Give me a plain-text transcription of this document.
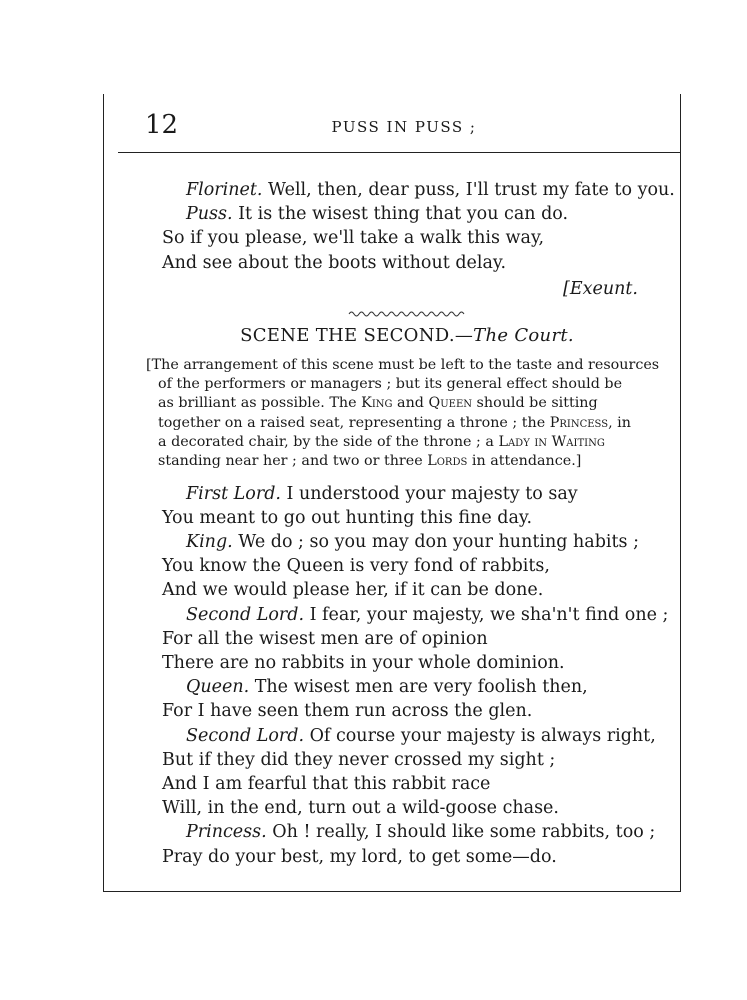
12	PUSS IN PUSS ;
Florinet. Well, then, dear puss, I'll trust my fate to you.
Puss. It is the wisest thing that you can do.
So if you please, we'll take a walk this way,
And see about the boots without delay.
[Exeunt.
SCENE THE SECOND.—The Court.

[The arrangement of this scene must be left to the taste and resources
of the performers or managers ; but its general effect should be
as brilliant as possible. The King and Queen should be sitting
together on a raised seat, representing a throne ; the Princess, in
a decorated chair, by the side of the throne ; a Lady in Waiting
standing near her ; and two or three Lords in attendance.]

First Lord. I understood your majesty to say
You meant to go out hunting this fine day.
King. We do ; so you may don your hunting habits ;
You know the Queen is very fond of rabbits,
And we would please her, if it can be done.
Second Lord. I fear, your majesty, we sha'n't find one ;
For all the wisest men are of opinion
There are no rabbits in your whole dominion.
Queen. The wisest men are very foolish then,
For I have seen them run across the glen.
Second Lord. Of course your majesty is always right,
But if they did they never crossed my sight ;
And I am fearful that this rabbit race
Will, in the end, turn out a wild-goose chase.
Princess. Oh ! really, I should like some rabbits, too ;
Pray do your best, my lord, to get some—do.
